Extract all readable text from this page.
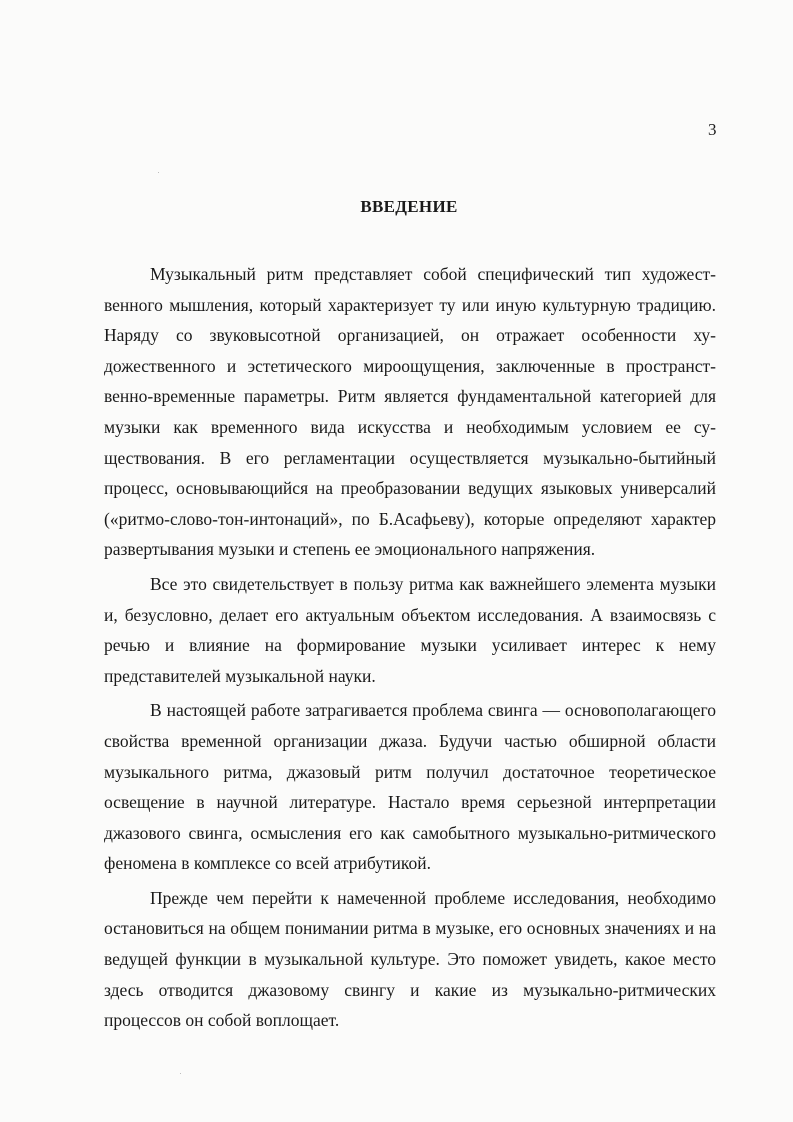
3
ВВЕДЕНИЕ

Музыкальный ритм представляет собой специфический тип художественного мышления, который характеризует ту или иную культурную традицию. Наряду со звуковысотной организацией, он отражает особенности художественного и эстетического мироощущения, заключенные в пространственно-временные параметры. Ритм является фундаментальной категорией для музыки как временного вида искусства и необходимым условием ее существования. В его регламентации осуществляется музыкально-бытийный процесс, основывающийся на преобразовании ведущих языковых универсалий («ритмо-слово-тон-интонаций», по Б.Асафьеву), которые определяют характер развертывания музыки и степень ее эмоционального напряжения.

Все это свидетельствует в пользу ритма как важнейшего элемента музыки и, безусловно, делает его актуальным объектом исследования. А взаимосвязь с речью и влияние на формирование музыки усиливает интерес к нему представителей музыкальной науки.

В настоящей работе затрагивается проблема свинга — основополагающего свойства временной организации джаза. Будучи частью обширной области музыкального ритма, джазовый ритм получил достаточное теоретическое освещение в научной литературе. Настало время серьезной интерпретации джазового свинга, осмысления его как самобытного музыкально-ритмического феномена в комплексе со всей атрибутикой.

Прежде чем перейти к намеченной проблеме исследования, необходимо остановиться на общем понимании ритма в музыке, его основных значениях и на ведущей функции в музыкальной культуре. Это поможет увидеть, какое место здесь отводится джазовому свингу и какие из музыкально-ритмических процессов он собой воплощает.
